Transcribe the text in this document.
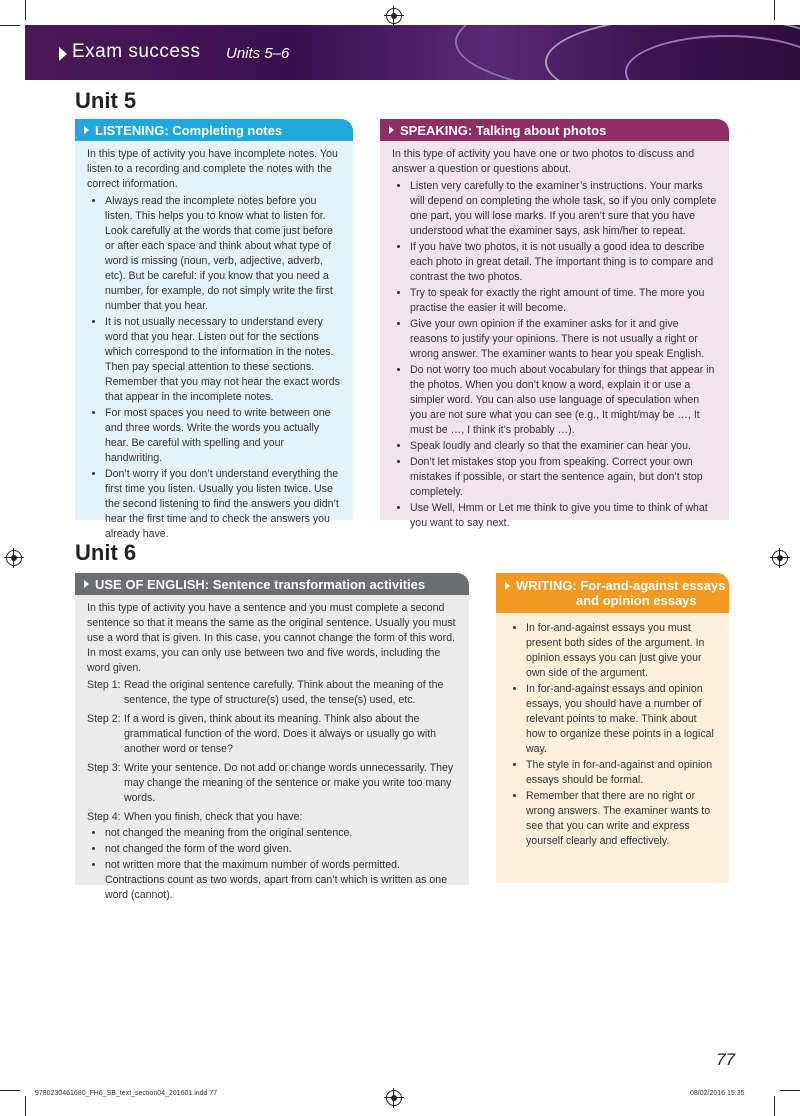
Exam success Units 5–6
Unit 5
LISTENING: Completing notes

In this type of activity you have incomplete notes. You listen to a recording and complete the notes with the correct information.

• Always read the incomplete notes before you listen. This helps you to know what to listen for. Look carefully at the words that come just before or after each space and think about what type of word is missing (noun, verb, adjective, adverb, etc). But be careful: if you know that you need a number, for example, do not simply write the first number that you hear.
• It is not usually necessary to understand every word that you hear. Listen out for the sections which correspond to the information in the notes. Then pay special attention to these sections. Remember that you may not hear the exact words that appear in the incomplete notes.
• For most spaces you need to write between one and three words. Write the words you actually hear. Be careful with spelling and your handwriting.
• Don’t worry if you don’t understand everything the first time you listen. Usually you listen twice. Use the second listening to find the answers you didn’t hear the first time and to check the answers you already have.
SPEAKING: Talking about photos

In this type of activity you have one or two photos to discuss and answer a question or questions about.

• Listen very carefully to the examiner’s instructions. Your marks will depend on completing the whole task, so if you only complete one part, you will lose marks. If you aren’t sure that you have understood what the examiner says, ask him/her to repeat.
• If you have two photos, it is not usually a good idea to describe each photo in great detail. The important thing is to compare and contrast the two photos.
• Try to speak for exactly the right amount of time. The more you practise the easier it will become.
• Give your own opinion if the examiner asks for it and give reasons to justify your opinions. There is not usually a right or wrong answer. The examiner wants to hear you speak English.
• Do not worry too much about vocabulary for things that appear in the photos. When you don’t know a word, explain it or use a simpler word. You can also use language of speculation when you are not sure what you can see (e.g., It might/may be …, It must be …, I think it’s probably …).
• Speak loudly and clearly so that the examiner can hear you.
• Don’t let mistakes stop you from speaking. Correct your own mistakes if possible, or start the sentence again, but don’t stop completely.
• Use Well, Hmm or Let me think to give you time to think of what you want to say next.
Unit 6
USE OF ENGLISH: Sentence transformation activities

In this type of activity you have a sentence and you must complete a second sentence so that it means the same as the original sentence. Usually you must use a word that is given. In this case, you cannot change the form of this word. In most exams, you can only use between two and five words, including the word given.

Step 1: Read the original sentence carefully. Think about the meaning of the sentence, the type of structure(s) used, the tense(s) used, etc.
Step 2: If a word is given, think about its meaning. Think also about the grammatical function of the word. Does it always or usually go with another word or tense?
Step 3: Write your sentence. Do not add or change words unnecessarily. They may change the meaning of the sentence or make you write too many words.
Step 4: When you finish, check that you have:
• not changed the meaning from the original sentence.
• not changed the form of the word given.
• not written more that the maximum number of words permitted. Contractions count as two words, apart from can’t which is written as one word (cannot).
WRITING: For-and-against essays
and opinion essays
• In for-and-against essays you must present both sides of the argument. In opinion essays you can just give your own side of the argument.
• In for-and-against essays and opinion essays, you should have a number of relevant points to make. Think about how to organize these points in a logical way.
• The style in for-and-against and opinion essays should be formal.
• Remember that there are no right or wrong answers. The examiner wants to see that you can write and express yourself clearly and effectively.
77
9780230461680_FH6_SB_text_section04_201601.indd 77	08/02/2016 15:35
